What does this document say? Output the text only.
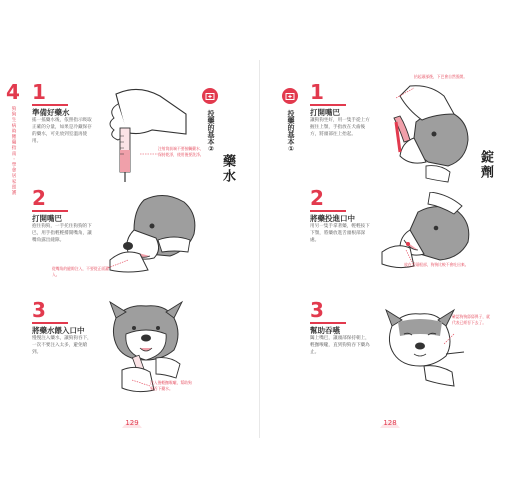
4
狗狗生病時餵藥指南・學會居家照護
1
準備好藥水
搖一搖藥水後，依照指示吸取正確的分量，如果是冷藏保存的藥水，可先放到室溫再使用。
注射筒前端不要接觸藥水，保持乾淨，使用後要洗淨。
2
打開嘴巴
抱住狗狗，一手托住狗狗的下巴，用手指輕輕撐開嘴角，讓嘴角露出縫隙。
從嘴角的縫隙注入，不要從正面灌入。
3
將藥水餵入口中
慢慢注入藥水，讓狗狗吞下，一次不要注入太多，避免嗆到。
注入後輕撫喉嚨，幫助狗狗吞下藥水。
投藥的基本②
藥水
129
投藥的基本①
錠劑
1
打開嘴巴
讓狗狗坐好，用一隻手從上方握住上顎，手指放在犬齒後方，將頭部往上抬起。
抬起頭部後，下巴會自然張開。
2
將藥投進口中
用另一隻手拿著藥，輕輕按下下顎，將藥放進舌頭根部深處。
放在舌頭根部，狗狗比較不會吐出來。
3
幫助吞嚥
闔上嘴巴，讓頭部保持朝上，輕撫喉嚨，直到狗狗吞下藥為止。
確認狗狗舔舔鼻子，就代表已經吞下去了。
128
